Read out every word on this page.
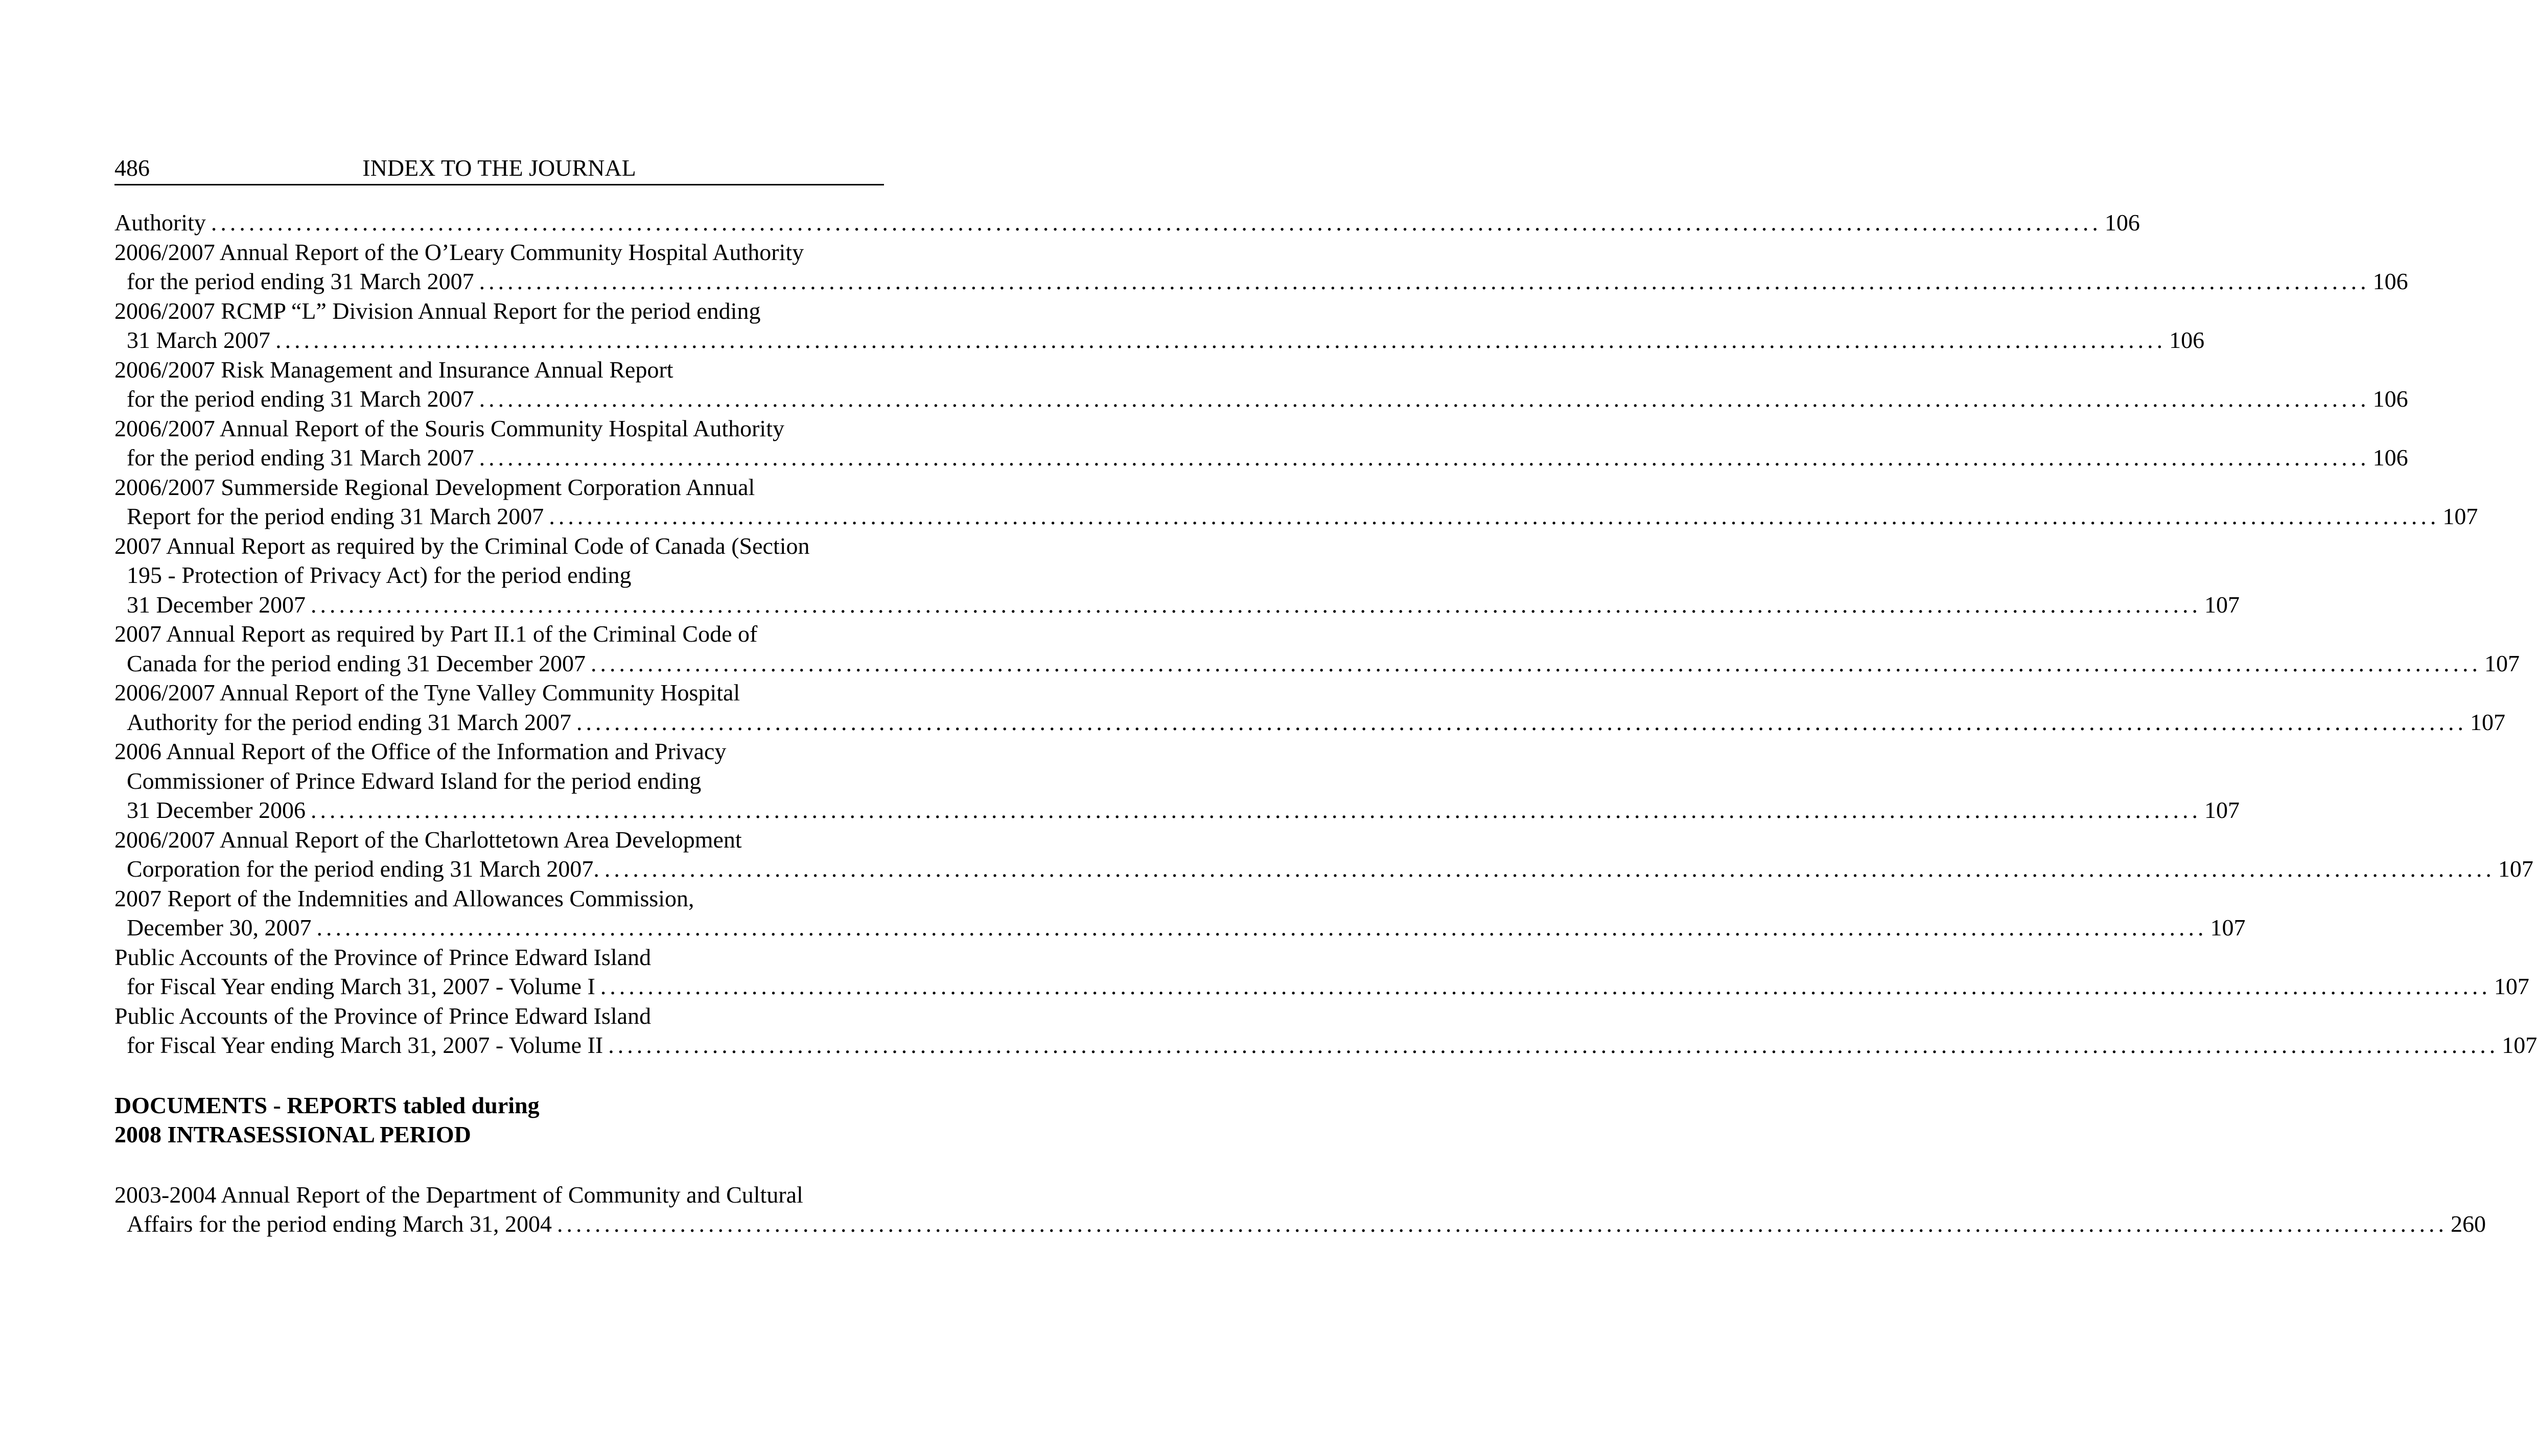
486	INDEX TO THE JOURNAL
Authority ........................................................................................................................................................................................................ 106
2006/2007 Annual Report of the O’Leary Community Hospital Authority
for the period ending 31 March 2007 ........................................................................................................................................................................................................ 106
2006/2007 RCMP “L” Division Annual Report for the period ending
31 March 2007 ........................................................................................................................................................................................................ 106
2006/2007 Risk Management and Insurance Annual Report
for the period ending 31 March 2007 ........................................................................................................................................................................................................ 106
2006/2007 Annual Report of the Souris Community Hospital Authority
for the period ending 31 March 2007 ........................................................................................................................................................................................................ 106
2006/2007 Summerside Regional Development Corporation Annual
Report for the period ending 31 March 2007 ........................................................................................................................................................................................................ 107
2007 Annual Report as required by the Criminal Code of Canada (Section
195 - Protection of Privacy Act) for the period ending
31 December 2007 ........................................................................................................................................................................................................ 107
2007 Annual Report as required by Part II.1 of the Criminal Code of
Canada for the period ending 31 December 2007 ........................................................................................................................................................................................................ 107
2006/2007 Annual Report of the Tyne Valley Community Hospital
Authority for the period ending 31 March 2007 ........................................................................................................................................................................................................ 107
2006 Annual Report of the Office of the Information and Privacy
Commissioner of Prince Edward Island for the period ending
31 December 2006 ........................................................................................................................................................................................................ 107
2006/2007 Annual Report of the Charlottetown Area Development
Corporation for the period ending 31 March 2007. ........................................................................................................................................................................................................ 107
2007 Report of the Indemnities and Allowances Commission,
December 30, 2007 ........................................................................................................................................................................................................ 107
Public Accounts of the Province of Prince Edward Island
for Fiscal Year ending March 31, 2007 - Volume I ........................................................................................................................................................................................................ 107
Public Accounts of the Province of Prince Edward Island
for Fiscal Year ending March 31, 2007 - Volume II ........................................................................................................................................................................................................ 107
DOCUMENTS - REPORTS tabled during
2008 INTRASESSIONAL PERIOD
2003-2004 Annual Report of the Department of Community and Cultural
Affairs for the period ending March 31, 2004 ........................................................................................................................................................................................................ 260
